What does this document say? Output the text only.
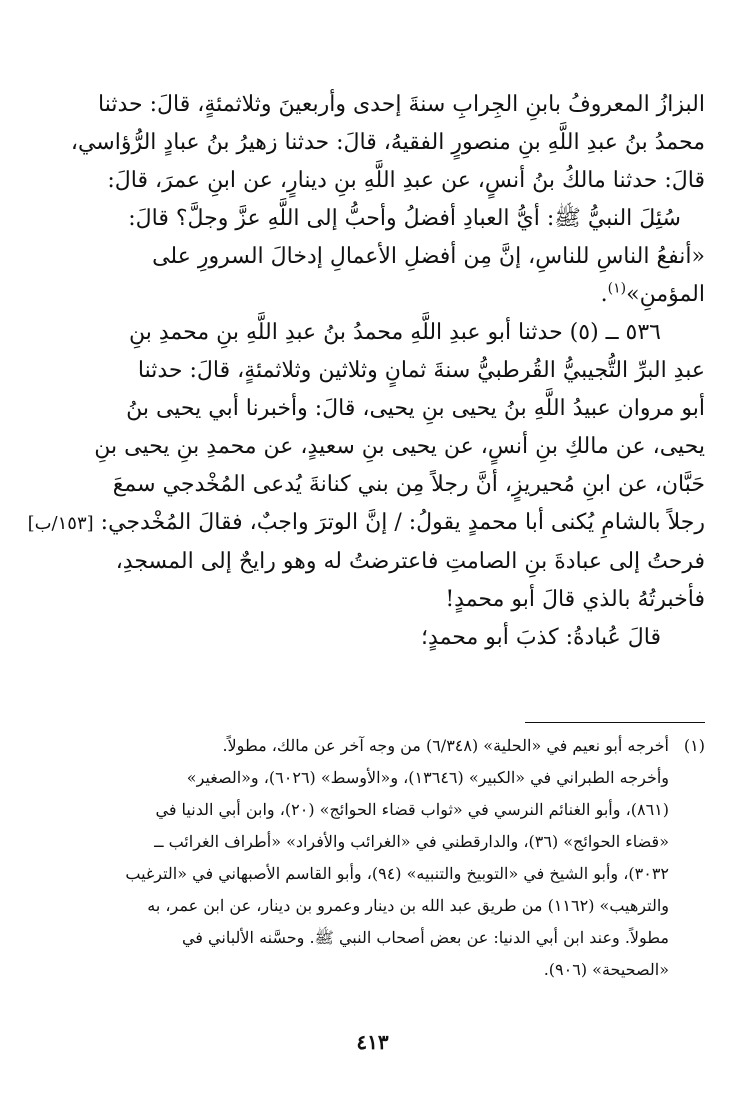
البزازُ المعروفُ بابنِ الجِرابِ سنةَ إحدى وأربعينَ وثلاثمئةٍ، قالَ: حدثنا
محمدُ بنُ عبدِ اللَّهِ بنِ منصورٍ الفقيهُ، قالَ: حدثنا زهيرُ بنُ عبادٍ الرُّؤاسي،
قالَ: حدثنا مالكُ بنُ أنسٍ، عن عبدِ اللَّهِ بنِ دينارٍ، عن ابنِ عمرَ، قالَ:
سُئِلَ النبيُّ ﷺ: أيُّ العبادِ أفضلُ وأحبُّ إلى اللَّهِ عزَّ وجلَّ؟ قالَ:
«أنفعُ الناسِ للناسِ، إنَّ مِن أفضلِ الأعمالِ إدخالَ السرورِ على
المؤمنِ»$^{(١)}$.
٥٣٦ ــ (٥) حدثنا أبو عبدِ اللَّهِ محمدُ بنُ عبدِ اللَّهِ بنِ محمدِ بنِ
عبدِ البرِّ التُّجيبيُّ القُرطبيُّ سنةَ ثمانٍ وثلاثين وثلاثمئةٍ، قالَ: حدثنا
أبو مروان عبيدُ اللَّهِ بنُ يحيى بنِ يحيى، قالَ: وأخبرنا أبي يحيى بنُ
يحيى، عن مالكِ بنِ أنسٍ، عن يحيى بنِ سعيدٍ، عن محمدِ بنِ يحيى بنِ
حَبَّان، عن ابنِ مُحيريزٍ، أنَّ رجلاً مِن بني كنانةَ يُدعى المُخْدجي سمعَ
رجلاً بالشامِ يُكنى أبا محمدٍ يقولُ: / إنَّ الوترَ واجبٌ، فقالَ المُخْدجي: [١٥٣/ب]
فرحتُ إلى عبادةَ بنِ الصامتِ فاعترضتُ له وهو رايحٌ إلى المسجدِ،
فأخبرتُهُ بالذي قالَ أبو محمدٍ!
قالَ عُبادةُ: كذبَ أبو محمدٍ؛
(١)أخرجه أبو نعيم في «الحلية» (٦/٣٤٨) من وجه آخر عن مالك، مطولاً.
وأخرجه الطبراني في «الكبير» (١٣٦٤٦)، و«الأوسط» (٦٠٢٦)، و«الصغير»
(٨٦١)، وأبو الغنائم النرسي في «ثواب قضاء الحوائج» (٢٠)، وابن أبي الدنيا في
«قضاء الحوائج» (٣٦)، والدارقطني في «الغرائب والأفراد» «أطراف الغرائب ــ
٣٠٣٢)، وأبو الشيخ في «التوبيخ والتنبيه» (٩٤)، وأبو القاسم الأصبهاني في «الترغيب
والترهيب» (١١٦٢) من طريق عبد الله بن دينار وعمرو بن دينار، عن ابن عمر، به
مطولاً. وعند ابن أبي الدنيا: عن بعض أصحاب النبي ﷺ. وحسَّنه الألباني في
«الصحيحة» (٩٠٦).
٤١٣
